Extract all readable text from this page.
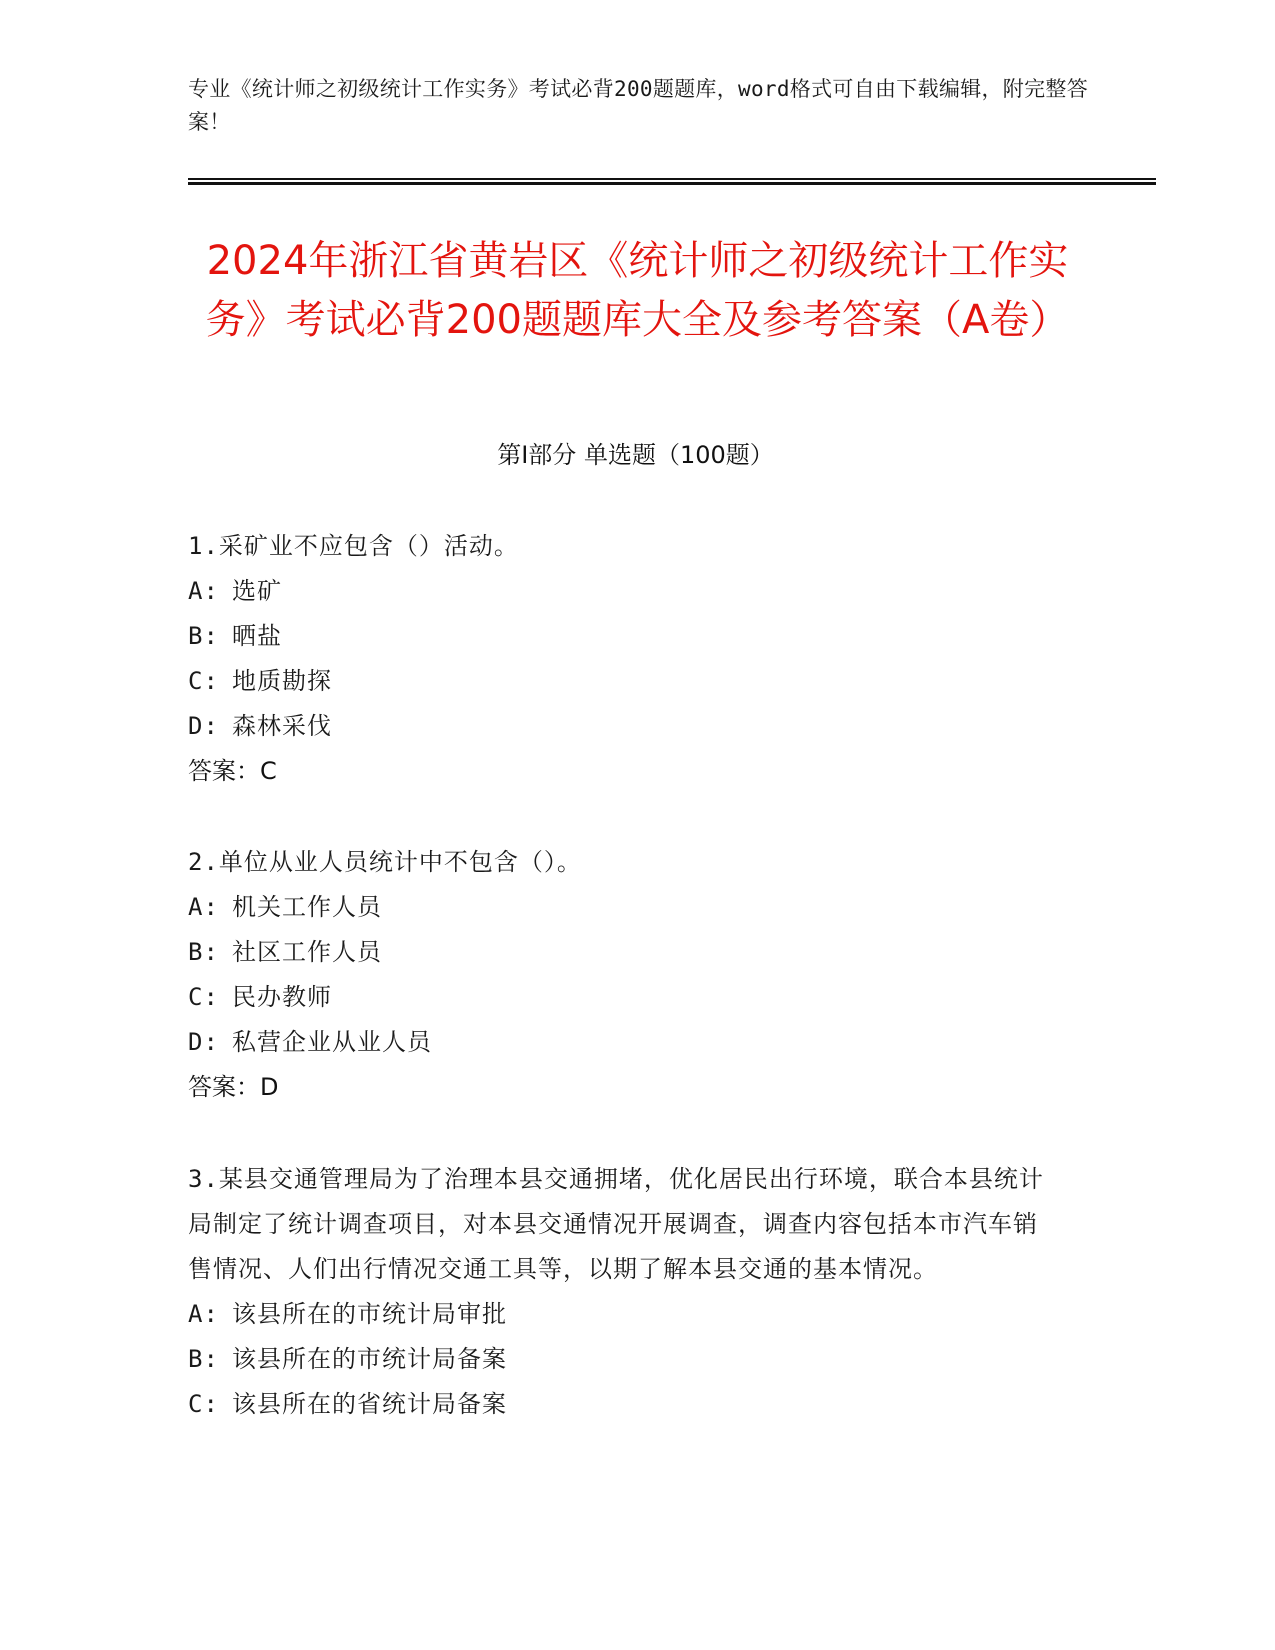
专业《统计师之初级统计工作实务》考试必背200题题库，word格式可自由下载编辑，附完整答案！
2024年浙江省黄岩区《统计师之初级统计工作实务》考试必背200题题库大全及参考答案（A卷）
第I部分 单选题（100题）

1.采矿业不应包含（）活动。

A: 选矿

B: 晒盐

C: 地质勘探

D: 森林采伐

答案：C

2.单位从业人员统计中不包含（）。

A: 机关工作人员

B: 社区工作人员

C: 民办教师

D: 私营企业从业人员

答案：D

3.某县交通管理局为了治理本县交通拥堵，优化居民出行环境，联合本县统计局制定了统计调查项目，对本县交通情况开展调查，调查内容包括本市汽车销售情况、人们出行情况交通工具等，以期了解本县交通的基本情况。

A: 该县所在的市统计局审批

B: 该县所在的市统计局备案

C: 该县所在的省统计局备案
